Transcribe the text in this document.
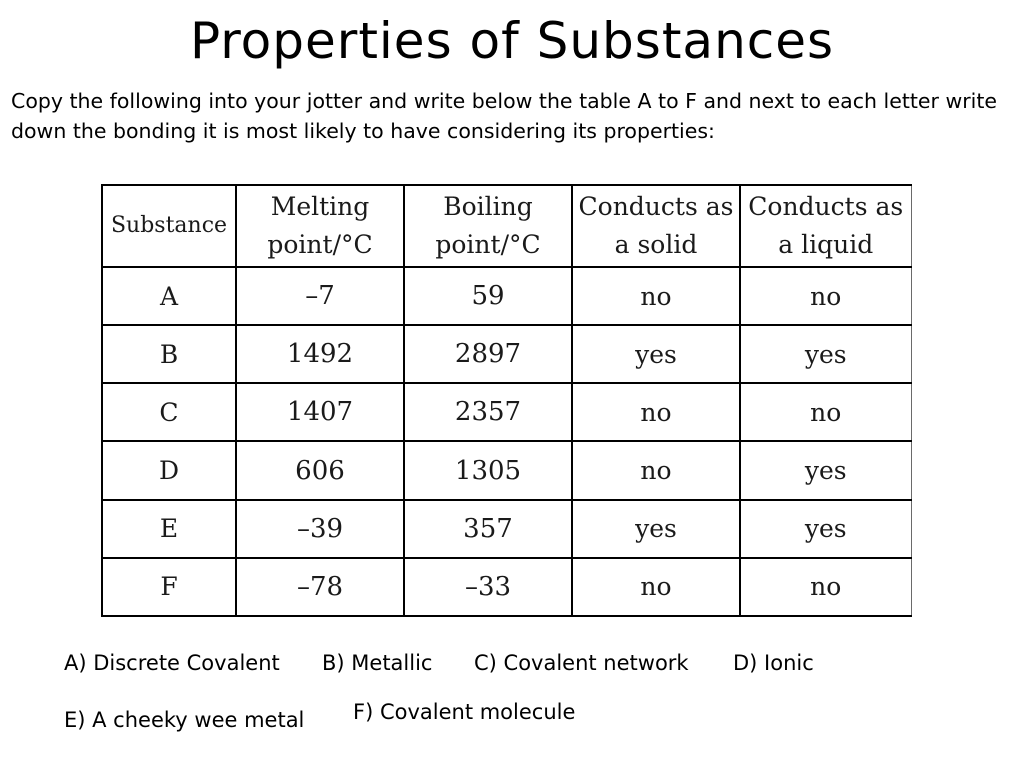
Properties of Substances
Copy the following into your jotter and write below the table A to F and next to each letter write down the bonding it is most likely to have considering its properties:
Substance	Melting point/°C	Boiling point/°C	Conducts as a solid	Conducts as a liquid
A	–7	59	no	no
B	1492	2897	yes	yes
C	1407	2357	no	no
D	606	1305	no	yes
E	–39	357	yes	yes
F	–78	–33	no	no
A) Discrete Covalent B) Metallic C) Covalent network D) Ionic
E) A cheeky wee metal F) Covalent molecule
